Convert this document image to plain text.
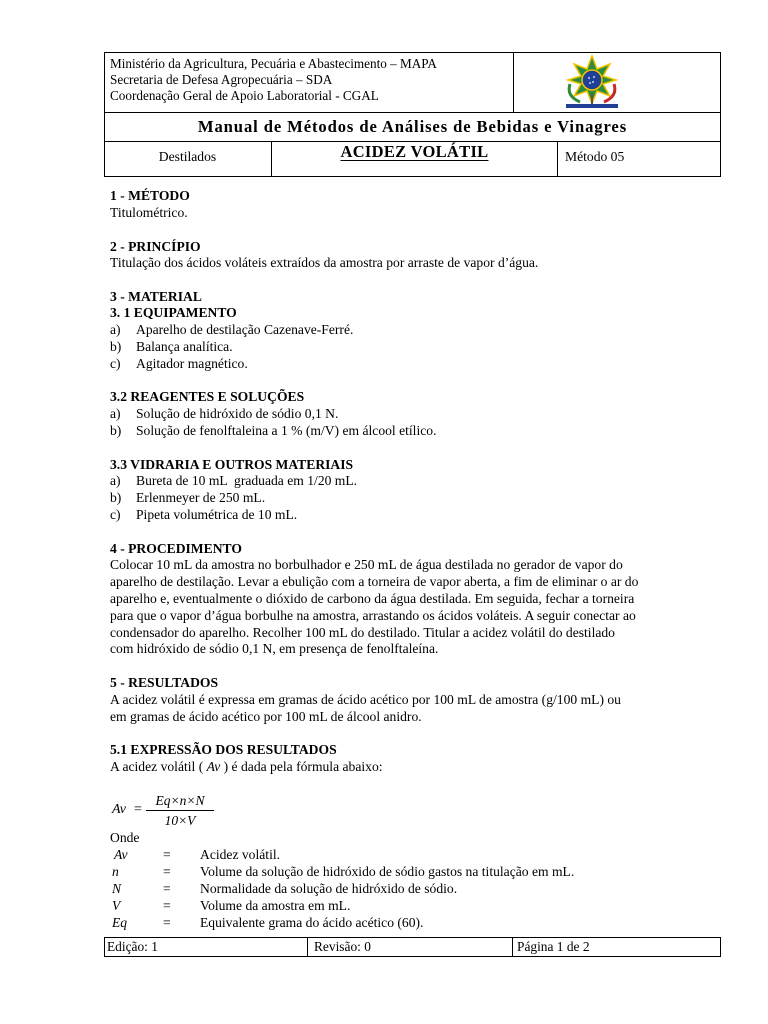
Ministério da Agricultura, Pecuária e Abastecimento – MAPA
Secretaria de Defesa Agropecuária – SDA
Coordenação Geral de Apoio Laboratorial - CGAL
Manual de Métodos de Análises de Bebidas e Vinagres
Destilados	ACIDEZ VOLÁTIL	Método 05
1 - MÉTODO
Titulométrico.
2 - PRINCÍPIO
Titulação dos ácidos voláteis extraídos da amostra por arraste de vapor d’água.
3 - MATERIAL
3. 1 EQUIPAMENTO
a) Aparelho de destilação Cazenave-Ferré.
b) Balança analítica.
c) Agitador magnético.
3.2 REAGENTES E SOLUÇÕES
a) Solução de hidróxido de sódio 0,1 N.
b) Solução de fenolftaleina a 1 % (m/V) em álcool etílico.
3.3 VIDRARIA E OUTROS MATERIAIS
a) Bureta de 10 mL  graduada em 1/20 mL.
b) Erlenmeyer de 250 mL.
c) Pipeta volumétrica de 10 mL.
4 - PROCEDIMENTO
Colocar 10 mL da amostra no borbulhador e 250 mL de água destilada no gerador de vapor do
aparelho de destilação. Levar a ebulição com a torneira de vapor aberta, a fim de eliminar o ar do
aparelho e, eventualmente o dióxido de carbono da água destilada. Em seguida, fechar a torneira
para que o vapor d’água borbulhe na amostra, arrastando os ácidos voláteis. A seguir conectar ao
condensador do aparelho. Recolher 100 mL do destilado. Titular a acidez volátil do destilado
com hidróxido de sódio 0,1 N, em presença de fenolftaleína.
5 - RESULTADOS
A acidez volátil é expressa em gramas de ácido acético por 100 mL de amostra (g/100 mL) ou
em gramas de ácido acético por 100 mL de álcool anidro.
5.1 EXPRESSÃO DOS RESULTADOS
A acidez volátil ( Av ) é dada pela fórmula abaixo:
Av =
Eq×n×N
10×V
Onde
Av	= Acidez volátil.
n	= Volume da solução de hidróxido de sódio gastos na titulação em mL.
N	= Normalidade da solução de hidróxido de sódio.
V	= Volume da amostra em mL.
Eq	= Equivalente grama do ácido acético (60).
Edição: 1	Revisão: 0	Página 1 de 2
